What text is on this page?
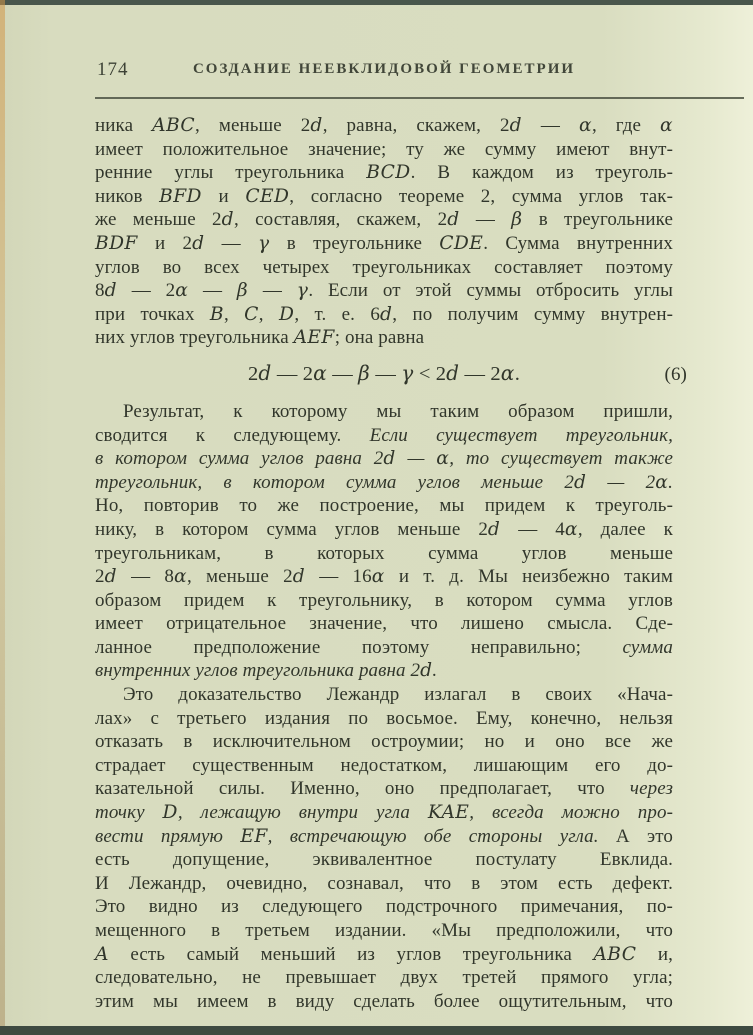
174	СОЗДАНИЕ НЕЕВКЛИДОВОЙ ГЕОМЕТРИИ
ника ABC, меньше 2d, равна, скажем, 2d — α, где α
имеет положительное значение; ту же сумму имеют внут-
ренние углы треугольника BCD. В каждом из треуголь-
ников BFD и CED, согласно теореме 2, сумма углов так-
же меньше 2d, составляя, скажем, 2d — β в треугольнике
BDF и 2d — γ в треугольнике CDE. Сумма внутренних
углов во всех четырех треугольниках составляет поэтому
8d — 2α — β — γ. Если от этой суммы отбросить углы
при точках B, C, D, т. е. 6d, по получим сумму внутрен-
них углов треугольника AEF; она равна
2d — 2α — β — γ < 2d — 2α.	(6)
Результат, к которому мы таким образом пришли,
сводится к следующему. Если существует треугольник,
в котором сумма углов равна 2d — α, то существует также
треугольник, в котором сумма углов меньше 2d — 2α.
Но, повторив то же построение, мы придем к треуголь-
нику, в котором сумма углов меньше 2d — 4α, далее к
треугольникам, в которых сумма углов меньше
2d — 8α, меньше 2d — 16α и т. д. Мы неизбежно таким
образом придем к треугольнику, в котором сумма углов
имеет отрицательное значение, что лишено смысла. Сде-
ланное предположение поэтому неправильно; сумма
внутренних углов треугольника равна 2d.
Это доказательство Лежандр излагал в своих «Нача-
лах» с третьего издания по восьмое. Ему, конечно, нельзя
отказать в исключительном остроумии; но и оно все же
страдает существенным недостатком, лишающим его до-
казательной силы. Именно, оно предполагает, что через
точку D, лежащую внутри угла KAE, всегда можно про-
вести прямую EF, встречающую обе стороны угла. А это
есть допущение, эквивалентное постулату Евклида.
И Лежандр, очевидно, сознавал, что в этом есть дефект.
Это видно из следующего подстрочного примечания, по-
мещенного в третьем издании. «Мы предположили, что
A есть самый меньший из углов треугольника ABC и,
следовательно, не превышает двух третей прямого угла;
этим мы имеем в виду сделать более ощутительным, что
